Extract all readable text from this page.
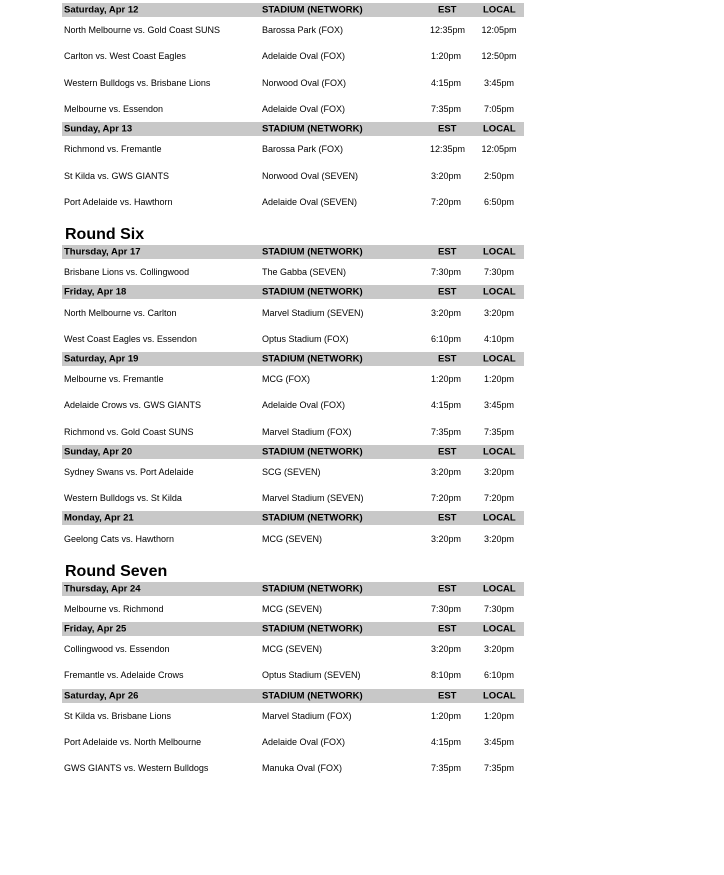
Saturday, Apr 12	STADIUM (NETWORK)	EST	LOCAL
North Melbourne vs. Gold Coast SUNS	Barossa Park (FOX)	12:35pm 12:05pm
Carlton vs. West Coast Eagles	Adelaide Oval (FOX)	1:20pm 12:50pm
Western Bulldogs vs. Brisbane Lions	Norwood Oval (FOX)	4:15pm	3:45pm
Melbourne vs. Essendon	Adelaide Oval (FOX)	7:35pm	7:05pm
Sunday, Apr 13	STADIUM (NETWORK)	EST	LOCAL
Richmond vs. Fremantle	Barossa Park (FOX)	12:35pm 12:05pm
St Kilda vs. GWS GIANTS	Norwood Oval (SEVEN)	3:20pm	2:50pm
Port Adelaide vs. Hawthorn	Adelaide Oval (SEVEN)	7:20pm	6:50pm
Round Six
Thursday, Apr 17	STADIUM (NETWORK)	EST	LOCAL
Brisbane Lions vs. Collingwood	The Gabba (SEVEN)	7:30pm	7:30pm
Friday, Apr 18	STADIUM (NETWORK)	EST	LOCAL
North Melbourne vs. Carlton	Marvel Stadium (SEVEN)	3:20pm	3:20pm
West Coast Eagles vs. Essendon	Optus Stadium (FOX)	6:10pm	4:10pm
Saturday, Apr 19	STADIUM (NETWORK)	EST	LOCAL
Melbourne vs. Fremantle	MCG (FOX)	1:20pm	1:20pm
Adelaide Crows vs. GWS GIANTS	Adelaide Oval (FOX)	4:15pm	3:45pm
Richmond vs. Gold Coast SUNS	Marvel Stadium (FOX)	7:35pm	7:35pm
Sunday, Apr 20	STADIUM (NETWORK)	EST	LOCAL
Sydney Swans vs. Port Adelaide	SCG (SEVEN)	3:20pm	3:20pm
Western Bulldogs vs. St Kilda	Marvel Stadium (SEVEN)	7:20pm	7:20pm
Monday, Apr 21	STADIUM (NETWORK)	EST	LOCAL
Geelong Cats vs. Hawthorn	MCG (SEVEN)	3:20pm	3:20pm
Round Seven
Thursday, Apr 24	STADIUM (NETWORK)	EST	LOCAL
Melbourne vs. Richmond	MCG (SEVEN)	7:30pm	7:30pm
Friday, Apr 25	STADIUM (NETWORK)	EST	LOCAL
Collingwood vs. Essendon	MCG (SEVEN)	3:20pm	3:20pm
Fremantle vs. Adelaide Crows	Optus Stadium (SEVEN)	8:10pm	6:10pm
Saturday, Apr 26	STADIUM (NETWORK)	EST	LOCAL
St Kilda vs. Brisbane Lions	Marvel Stadium (FOX)	1:20pm	1:20pm
Port Adelaide vs. North Melbourne	Adelaide Oval (FOX)	4:15pm	3:45pm
GWS GIANTS vs. Western Bulldogs	Manuka Oval (FOX)	7:35pm	7:35pm
